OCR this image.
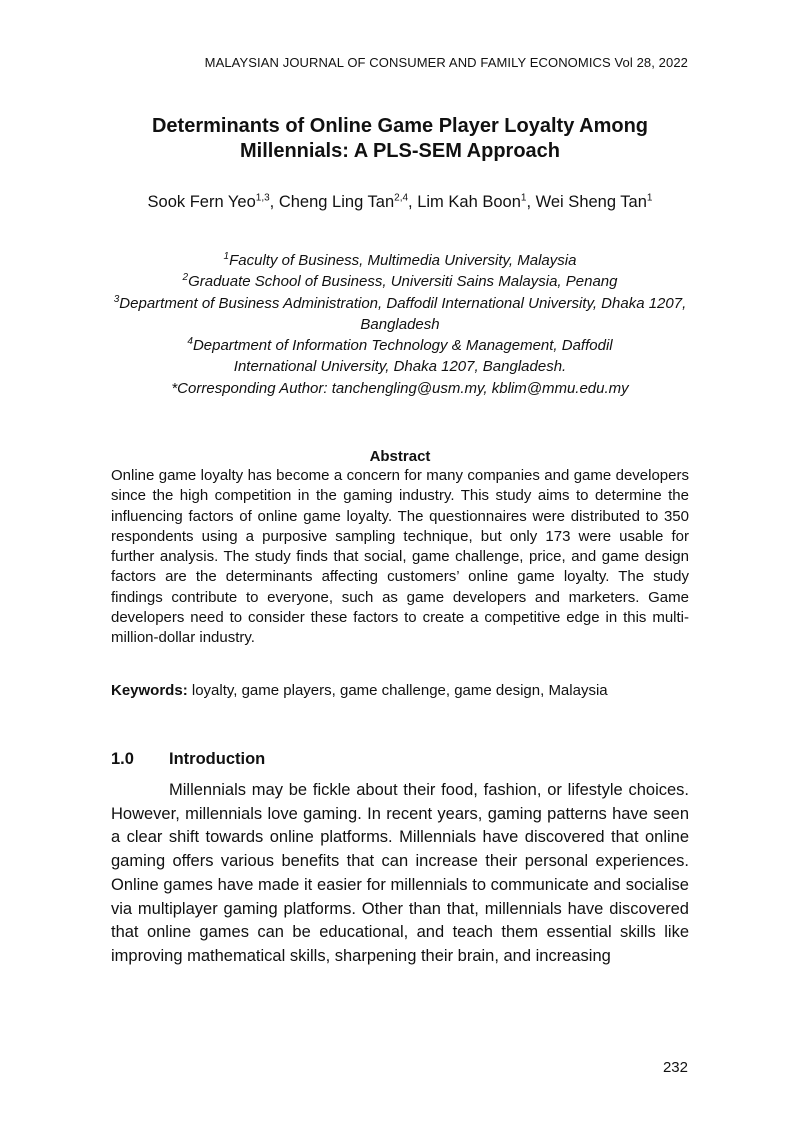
MALAYSIAN JOURNAL OF CONSUMER AND FAMILY ECONOMICS Vol 28, 2022
Determinants of Online Game Player Loyalty Among Millennials: A PLS-SEM Approach
Sook Fern Yeo$^{1,3}$, Cheng Ling Tan$^{2,4}$, Lim Kah Boon$^1$, Wei Sheng Tan$^1$
$^1$Faculty of Business, Multimedia University, Malaysia
$^2$Graduate School of Business, Universiti Sains Malaysia, Penang
$^3$Department of Business Administration, Daffodil International University, Dhaka 1207, Bangladesh
$^4$Department of Information Technology & Management, Daffodil International University, Dhaka 1207, Bangladesh.
*Corresponding Author: tanchengling@usm.my, kblim@mmu.edu.my
Abstract
Online game loyalty has become a concern for many companies and game developers since the high competition in the gaming industry. This study aims to determine the influencing factors of online game loyalty. The questionnaires were distributed to 350 respondents using a purposive sampling technique, but only 173 were usable for further analysis. The study finds that social, game challenge, price, and game design factors are the determinants affecting customers’ online game loyalty. The study findings contribute to everyone, such as game developers and marketers. Game developers need to consider these factors to create a competitive edge in this multi-million-dollar industry.
Keywords: loyalty, game players, game challenge, game design, Malaysia
1.0 Introduction
Millennials may be fickle about their food, fashion, or lifestyle choices. However, millennials love gaming. In recent years, gaming patterns have seen a clear shift towards online platforms. Millennials have discovered that online gaming offers various benefits that can increase their personal experiences. Online games have made it easier for millennials to communicate and socialise via multiplayer gaming platforms. Other than that, millennials have discovered that online games can be educational, and teach them essential skills like improving mathematical skills, sharpening their brain, and increasing
232
